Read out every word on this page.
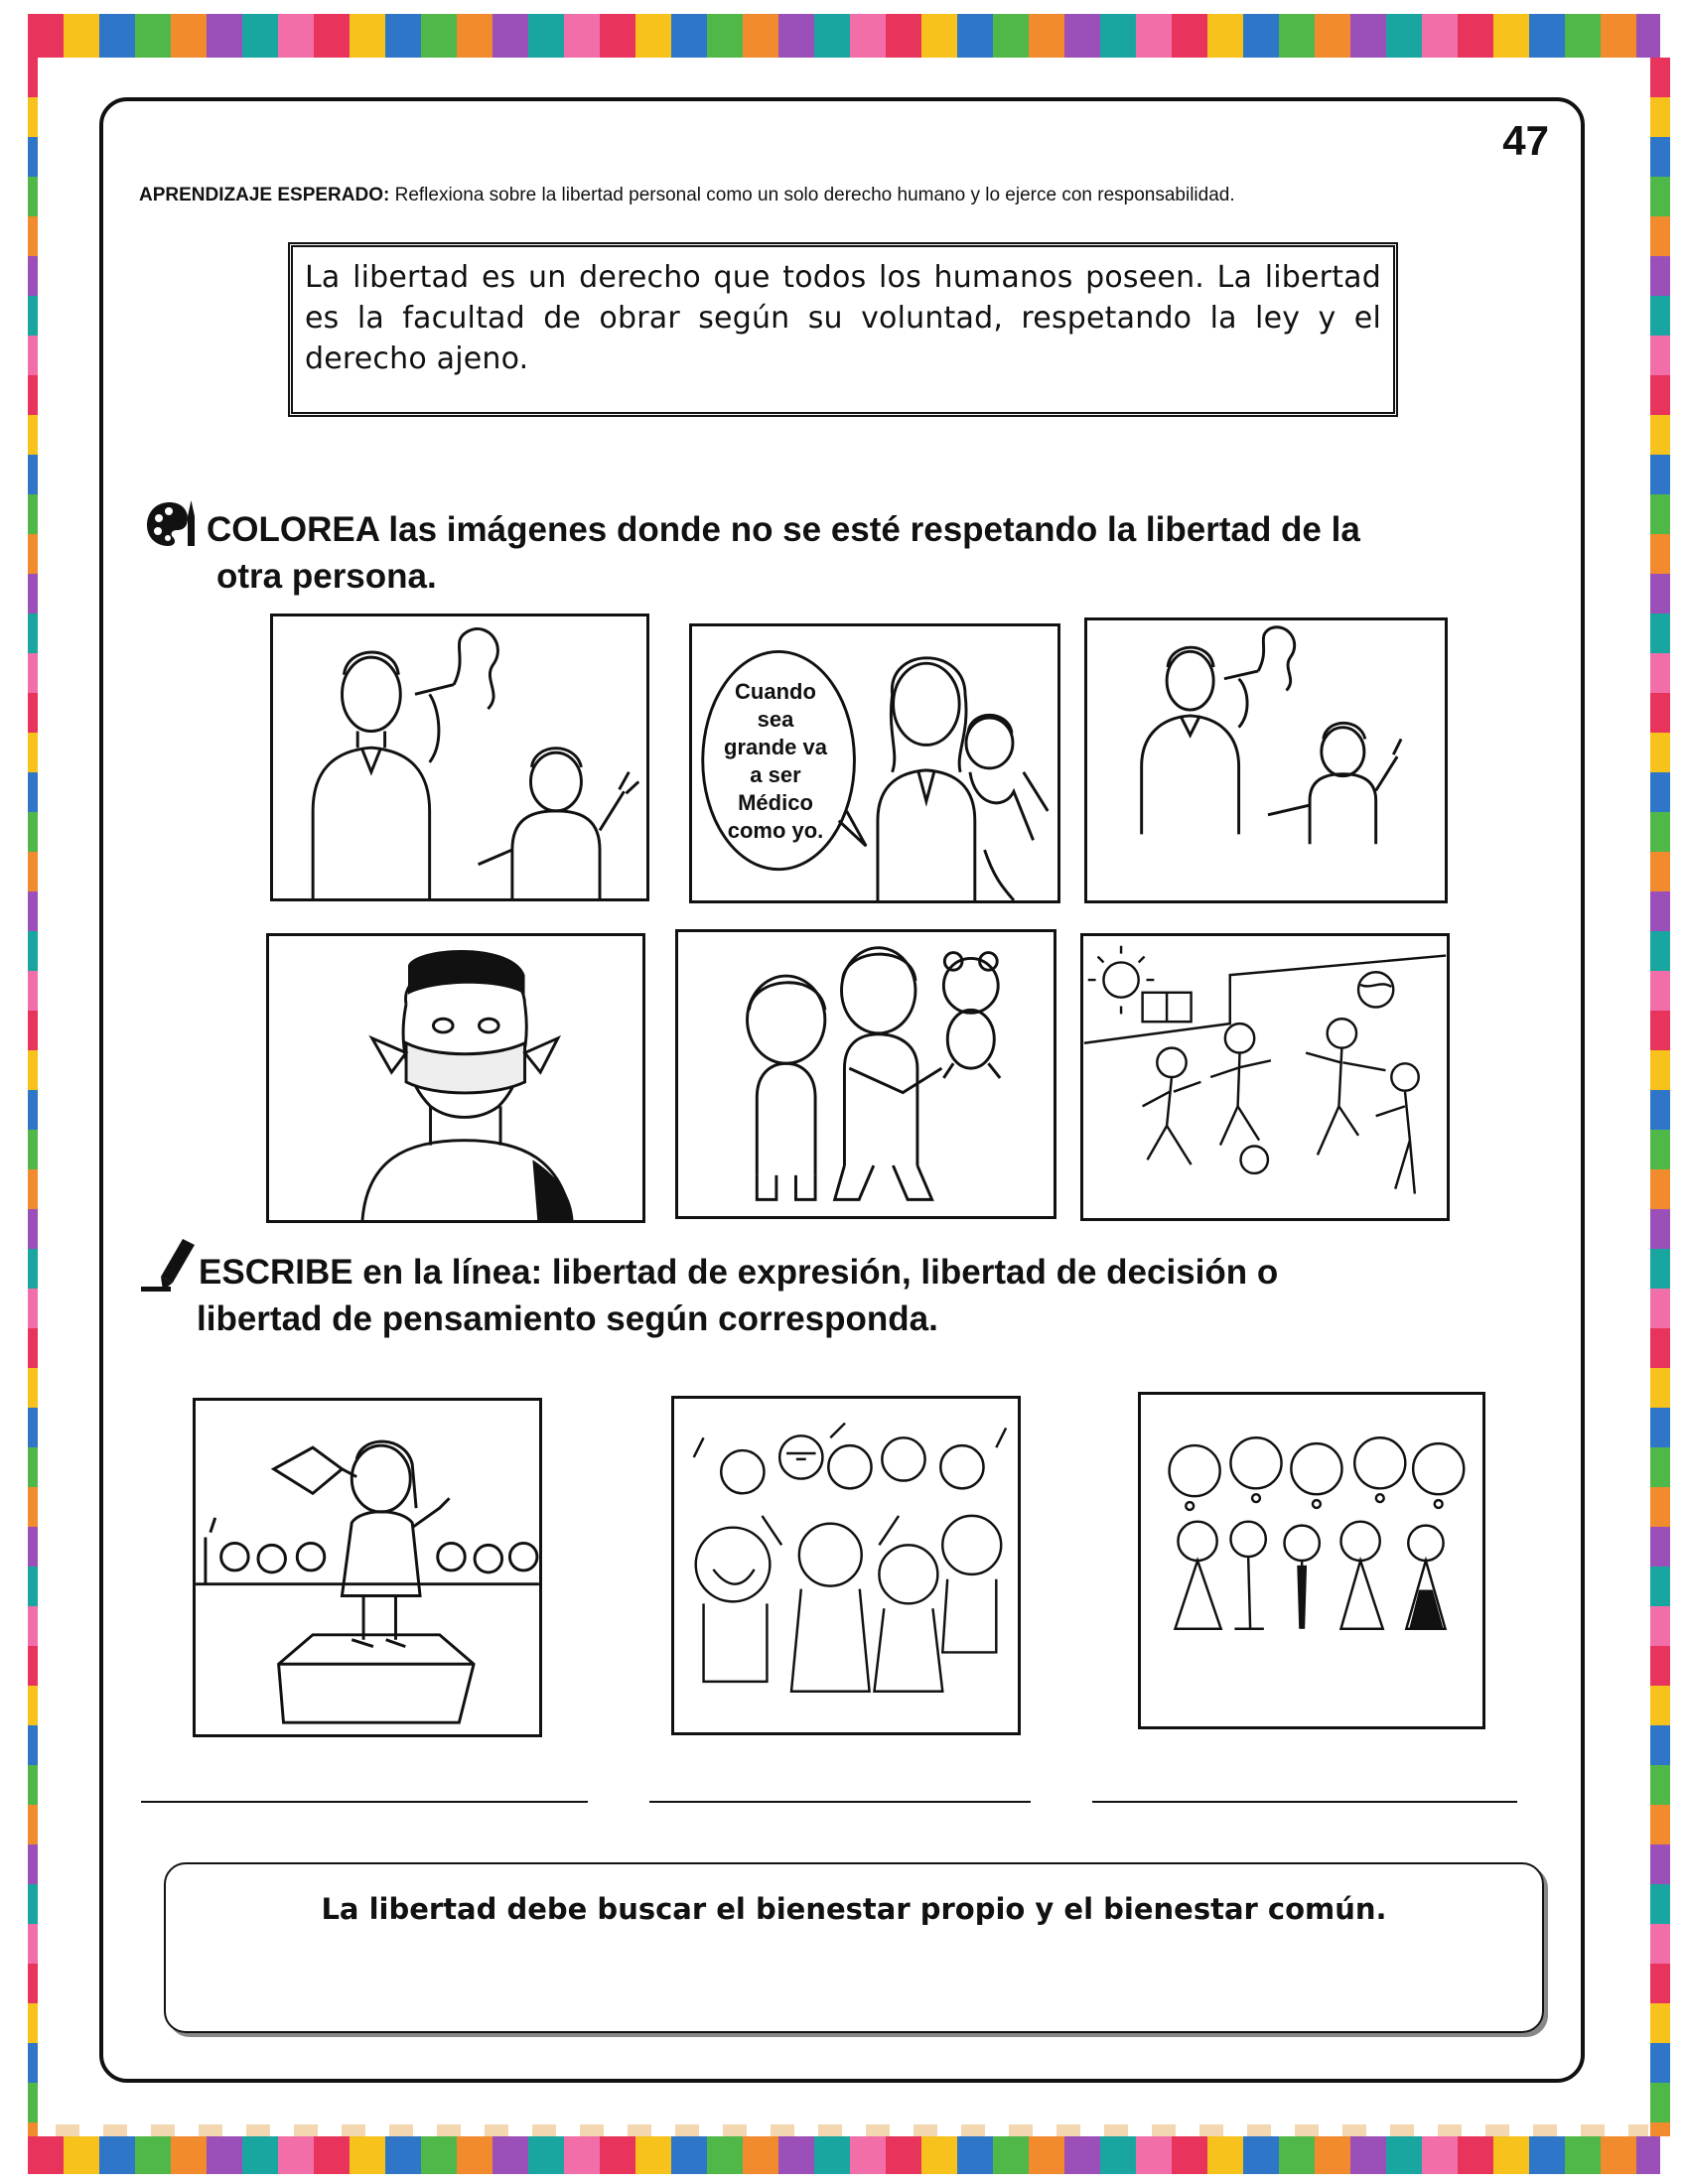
47
APRENDIZAJE ESPERADO: Reflexiona sobre la libertad personal como un solo derecho humano y lo ejerce con responsabilidad.

La libertad es un derecho que todos los humanos poseen. La libertad es la facultad de obrar según su voluntad, respetando la ley y el derecho ajeno.

COLOREA las imágenes donde no se esté respetando la libertad de la
otra persona.
Cuando sea grande va a ser Médico como yo.
ESCRIBE en la línea: libertad de expresión, libertad de decisión o
libertad de pensamiento según corresponda.
La libertad debe buscar el bienestar propio y el bienestar común.
